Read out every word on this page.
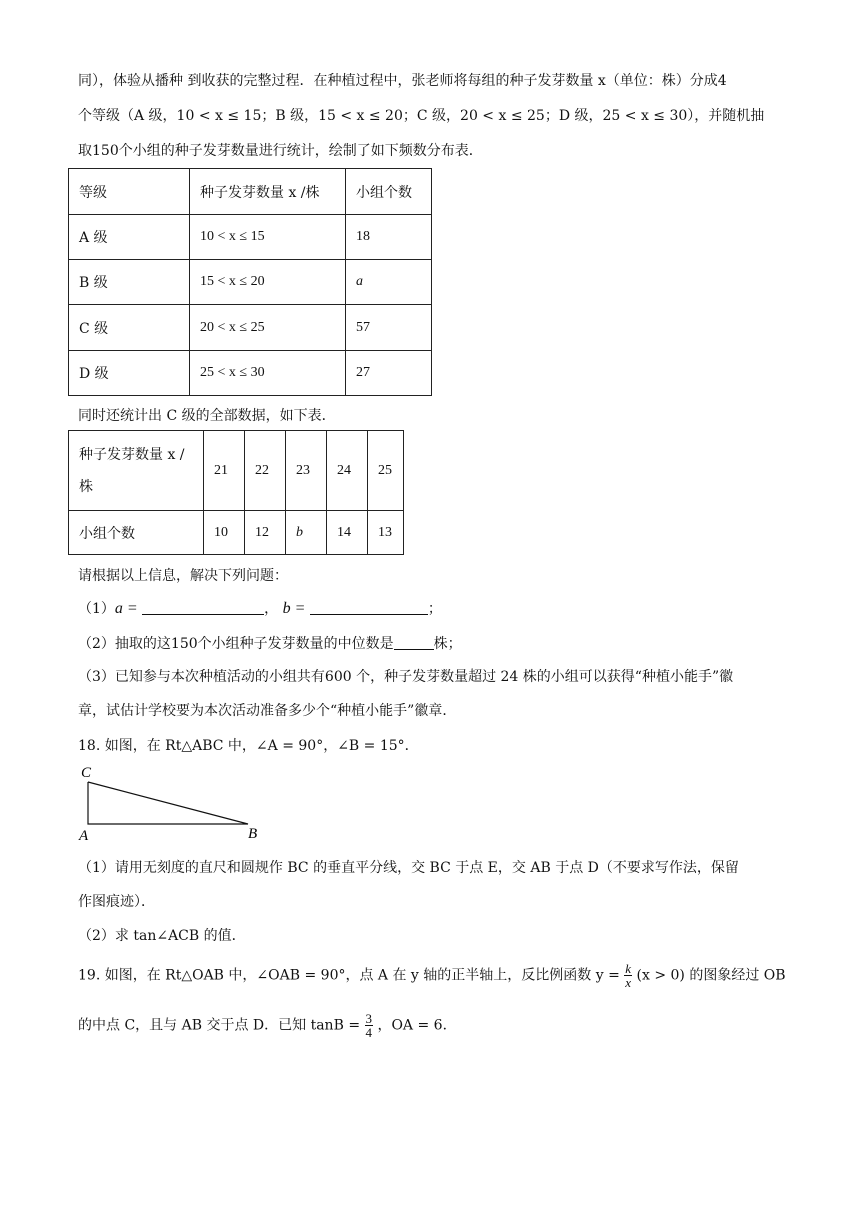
同），体验从播种 到收获的完整过程．在种植过程中，张老师将每组的种子发芽数量 x（单位：株）分成4
个等级（A 级，10 < x ≤ 15；B 级，15 < x ≤ 20；C 级，20 < x ≤ 25；D 级，25 < x ≤ 30），并随机抽
取150个小组的种子发芽数量进行统计，绘制了如下频数分布表．
等级	种子发芽数量 x /株	小组个数
A 级	10 < x ≤ 15	18
B 级	15 < x ≤ 20	a
C 级	20 < x ≤ 25	57
D 级	25 < x ≤ 30	27
同时还统计出 C 级的全部数据，如下表．
种子发芽数量 x /
株	21	22	23	24	25
小组个数	10	12	b	14	13
请根据以上信息，解决下列问题：
（1）a =	， b =	；
（2）抽取的这150个小组种子发芽数量的中位数是	株；
（3）已知参与本次种植活动的小组共有600 个，种子发芽数量超过 24 株的小组可以获得“种植小能手”徽
章，试估计学校要为本次活动准备多少个“种植小能手”徽章．
18. 如图，在 Rt△ABC 中，∠A = 90°，∠B = 15°．
C
A	B
（1）请用无刻度的直尺和圆规作 BC 的垂直平分线，交 BC 于点 E，交 AB 于点 D（不要求写作法，保留
作图痕迹）．
（2）求 tan∠ACB 的值．
19. 如图，在 Rt△OAB 中，∠OAB = 90°，点 A 在 y 轴的正半轴上，反比例函数 $y = \frac{k}{x} (x > 0)$ 的图象经过 OB
的中点 C，且与 AB 交于点 D．已知 $\tan B = \frac{3}{4}$ ，OA = 6．
